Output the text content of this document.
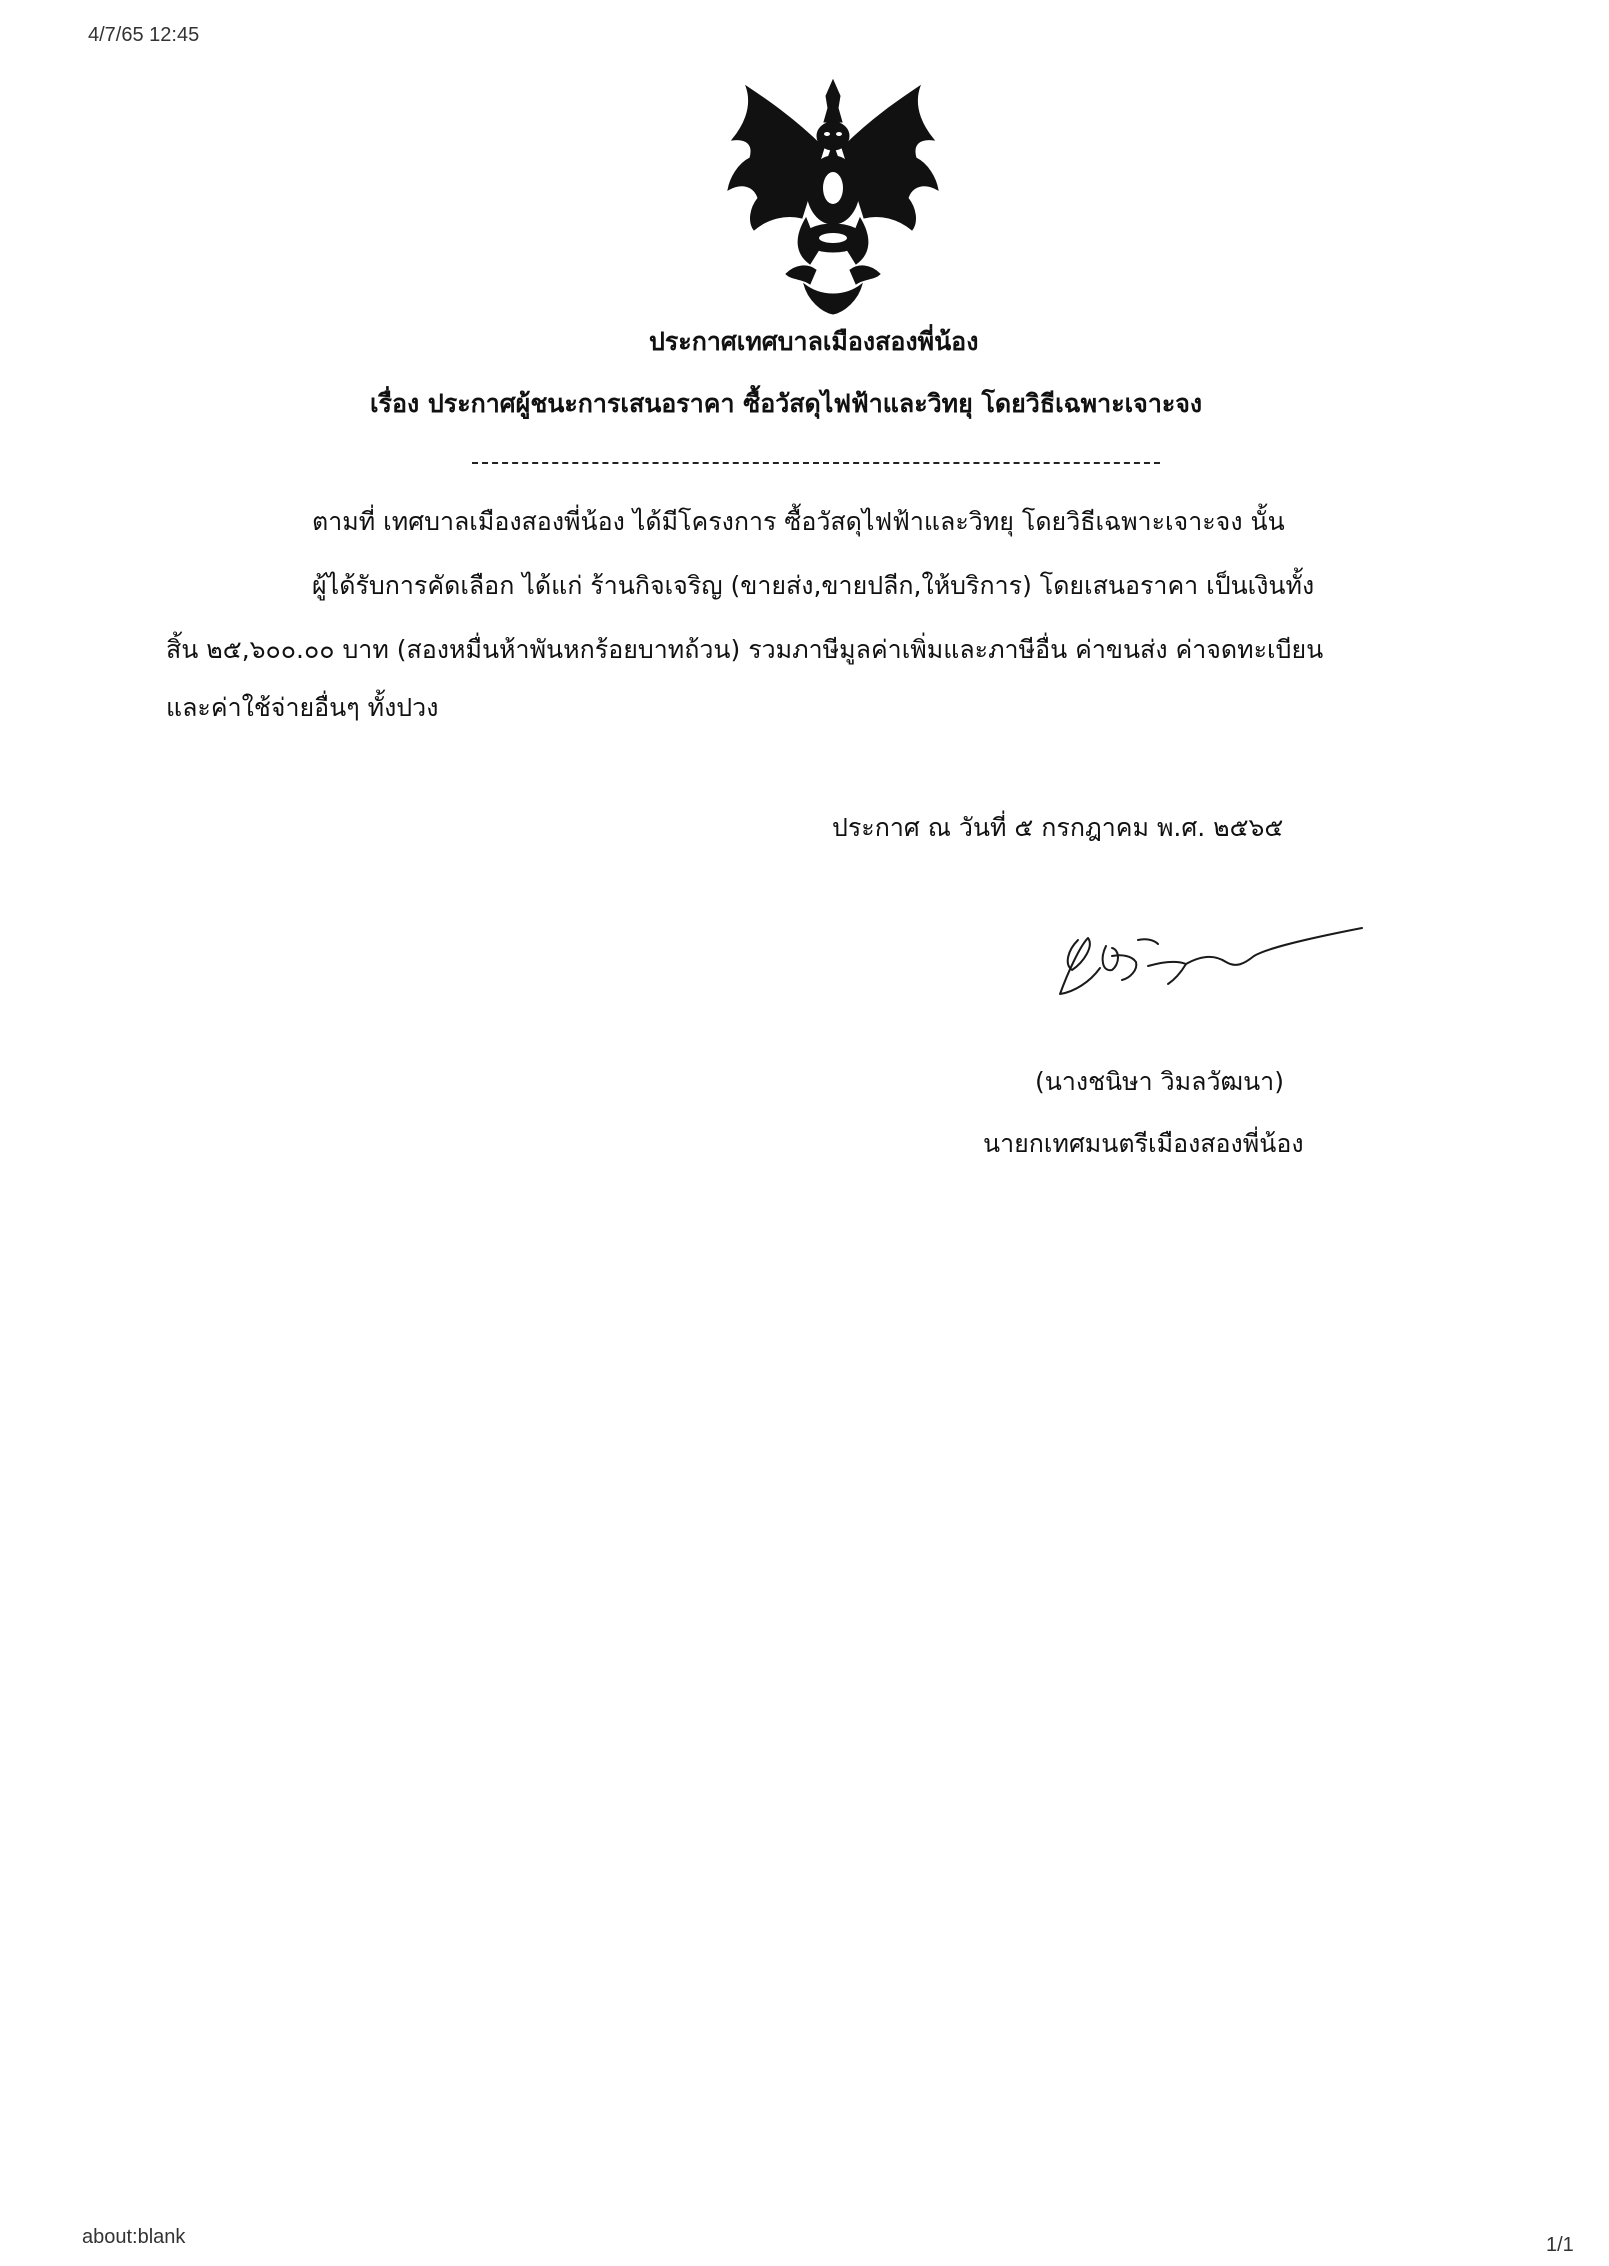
4/7/65 12:45
ประกาศเทศบาลเมืองสองพี่น้อง
เรื่อง ประกาศผู้ชนะการเสนอราคา ซื้อวัสดุไฟฟ้าและวิทยุ โดยวิธีเฉพาะเจาะจง
ตามที่ เทศบาลเมืองสองพี่น้อง ได้มีโครงการ ซื้อวัสดุไฟฟ้าและวิทยุ โดยวิธีเฉพาะเจาะจง นั้น
ผู้ได้รับการคัดเลือก ได้แก่ ร้านกิจเจริญ (ขายส่ง,ขายปลีก,ให้บริการ) โดยเสนอราคา เป็นเงินทั้ง
สิ้น ๒๕,๖๐๐.๐๐ บาท (สองหมื่นห้าพันหกร้อยบาทถ้วน) รวมภาษีมูลค่าเพิ่มและภาษีอื่น ค่าขนส่ง ค่าจดทะเบียน
และค่าใช้จ่ายอื่นๆ ทั้งปวง
ประกาศ ณ วันที่ ๕ กรกฎาคม พ.ศ. ๒๕๖๕
(นางชนิษา วิมลวัฒนา)
นายกเทศมนตรีเมืองสองพี่น้อง
about:blank	1/1
